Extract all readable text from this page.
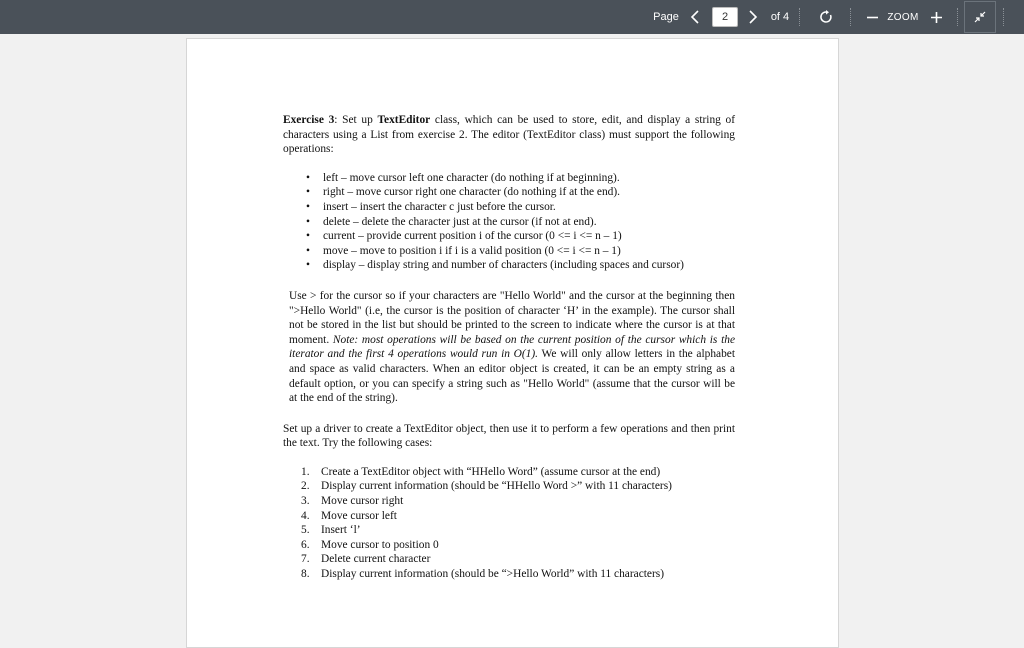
Page
2	of 4	ZOOM

Exercise 3: Set up TextEditor class, which can be used to store, edit, and display a string of characters using a List from exercise 2. The editor (TextEditor class) must support the following operations:

• left – move cursor left one character (do nothing if at beginning).
• right – move cursor right one character (do nothing if at the end).
• insert – insert the character c just before the cursor.
• delete – delete the character just at the cursor (if not at end).
• current – provide current position i of the cursor (0 <= i <= n – 1)
• move – move to position i if i is a valid position (0 <= i <= n – 1)
• display – display string and number of characters (including spaces and cursor)

Use > for the cursor so if your characters are "Hello World" and the cursor at the beginning then ">Hello World" (i.e, the cursor is the position of character ‘H’ in the example). The cursor shall not be stored in the list but should be printed to the screen to indicate where the cursor is at that moment. Note: most operations will be based on the current position of the cursor which is the iterator and the first 4 operations would run in O(1). We will only allow letters in the alphabet and space as valid characters. When an editor object is created, it can be an empty string as a default option, or you can specify a string such as "Hello World" (assume that the cursor will be at the end of the string).

Set up a driver to create a TextEditor object, then use it to perform a few operations and then print the text. Try the following cases:

1. Create a TextEditor object with “HHello Word” (assume cursor at the end)
2. Display current information (should be “HHello Word >” with 11 characters)
3. Move cursor right
4. Move cursor left
5. Insert ‘l’
6. Move cursor to position 0
7. Delete current character
8. Display current information (should be “>Hello World” with 11 characters)
